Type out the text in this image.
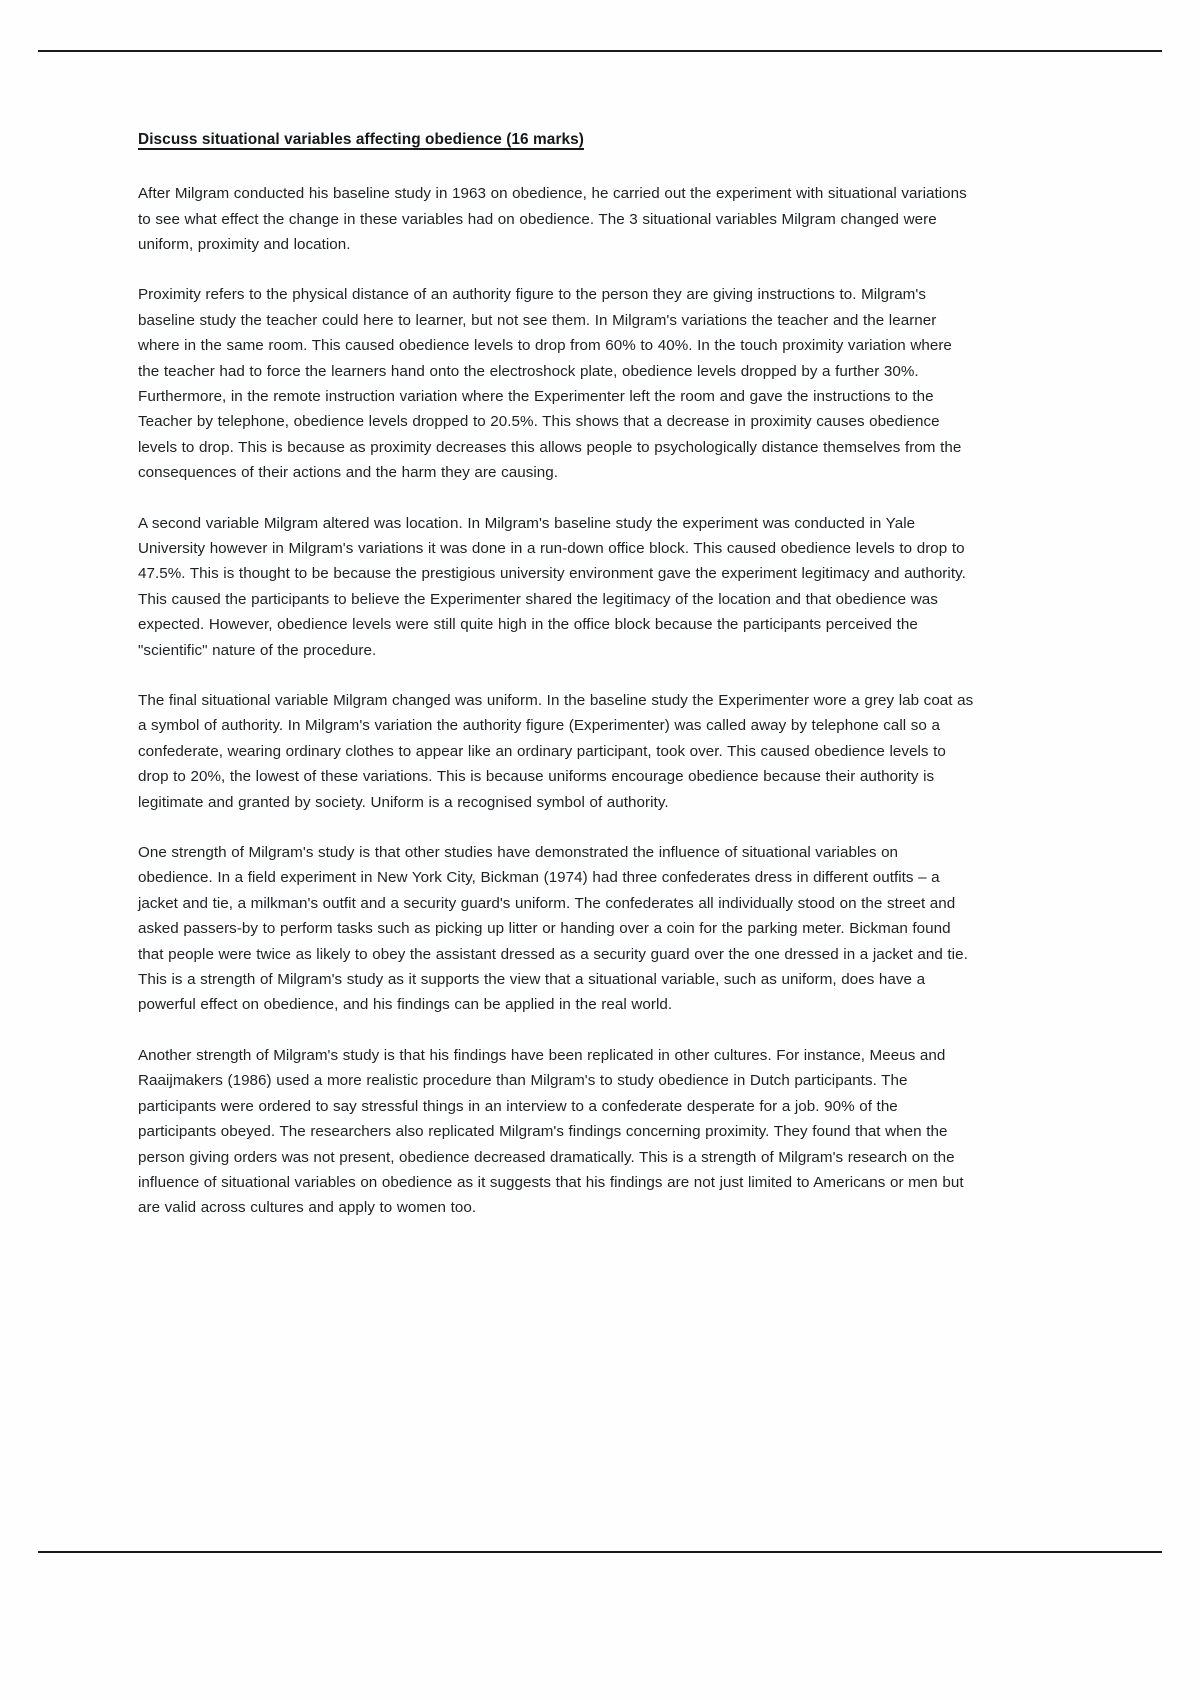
Discuss situational variables affecting obedience (16 marks)

After Milgram conducted his baseline study in 1963 on obedience, he carried out the experiment with situational variations to see what effect the change in these variables had on obedience. The 3 situational variables Milgram changed were uniform, proximity and location.

Proximity refers to the physical distance of an authority figure to the person they are giving instructions to. Milgram's baseline study the teacher could here to learner, but not see them. In Milgram's variations the teacher and the learner where in the same room. This caused obedience levels to drop from 60% to 40%. In the touch proximity variation where the teacher had to force the learners hand onto the electroshock plate, obedience levels dropped by a further 30%. Furthermore, in the remote instruction variation where the Experimenter left the room and gave the instructions to the Teacher by telephone, obedience levels dropped to 20.5%. This shows that a decrease in proximity causes obedience levels to drop. This is because as proximity decreases this allows people to psychologically distance themselves from the consequences of their actions and the harm they are causing.

A second variable Milgram altered was location. In Milgram's baseline study the experiment was conducted in Yale University however in Milgram's variations it was done in a run-down office block. This caused obedience levels to drop to 47.5%. This is thought to be because the prestigious university environment gave the experiment legitimacy and authority. This caused the participants to believe the Experimenter shared the legitimacy of the location and that obedience was expected. However, obedience levels were still quite high in the office block because the participants perceived the "scientific" nature of the procedure.

The final situational variable Milgram changed was uniform. In the baseline study the Experimenter wore a grey lab coat as a symbol of authority. In Milgram's variation the authority figure (Experimenter) was called away by telephone call so a confederate, wearing ordinary clothes to appear like an ordinary participant, took over. This caused obedience levels to drop to 20%, the lowest of these variations. This is because uniforms encourage obedience because their authority is legitimate and granted by society. Uniform is a recognised symbol of authority.

One strength of Milgram's study is that other studies have demonstrated the influence of situational variables on obedience. In a field experiment in New York City, Bickman (1974) had three confederates dress in different outfits – a jacket and tie, a milkman's outfit and a security guard's uniform. The confederates all individually stood on the street and asked passers-by to perform tasks such as picking up litter or handing over a coin for the parking meter. Bickman found that people were twice as likely to obey the assistant dressed as a security guard over the one dressed in a jacket and tie. This is a strength of Milgram's study as it supports the view that a situational variable, such as uniform, does have a powerful effect on obedience, and his findings can be applied in the real world.

Another strength of Milgram's study is that his findings have been replicated in other cultures. For instance, Meeus and Raaijmakers (1986) used a more realistic procedure than Milgram's to study obedience in Dutch participants. The participants were ordered to say stressful things in an interview to a confederate desperate for a job. 90% of the participants obeyed. The researchers also replicated Milgram's findings concerning proximity. They found that when the person giving orders was not present, obedience decreased dramatically. This is a strength of Milgram's research on the influence of situational variables on obedience as it suggests that his findings are not just limited to Americans or men but are valid across cultures and apply to women too.
